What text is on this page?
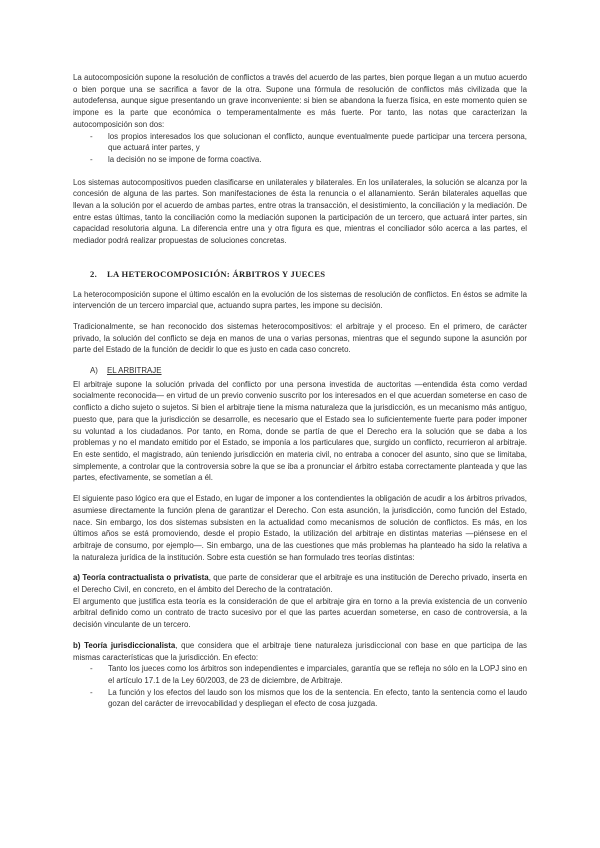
La autocomposición supone la resolución de conflictos a través del acuerdo de las partes, bien porque llegan a un mutuo acuerdo o bien porque una se sacrifica a favor de la otra. Supone una fórmula de resolución de conflictos más civilizada que la autodefensa, aunque sigue presentando un grave inconveniente: si bien se abandona la fuerza física, en este momento quien se impone es la parte que económica o temperamentalmente es más fuerte. Por tanto, las notas que caracterizan la autocomposición son dos:

- los propios interesados los que solucionan el conflicto, aunque eventualmente puede participar una tercera persona, que actuará inter partes, y
- la decisión no se impone de forma coactiva.

Los sistemas autocompositivos pueden clasificarse en unilaterales y bilaterales. En los unilaterales, la solución se alcanza por la concesión de alguna de las partes. Son manifestaciones de ésta la renuncia o el allanamiento. Serán bilaterales aquellas que llevan a la solución por el acuerdo de ambas partes, entre otras la transacción, el desistimiento, la conciliación y la mediación. De entre estas últimas, tanto la conciliación como la mediación suponen la participación de un tercero, que actuará inter partes, sin capacidad resolutoria alguna. La diferencia entre una y otra figura es que, mientras el conciliador sólo acerca a las partes, el mediador podrá realizar propuestas de soluciones concretas.

2. LA HETEROCOMPOSICIÓN: ÁRBITROS Y JUECES

La heterocomposición supone el último escalón en la evolución de los sistemas de resolución de conflictos. En éstos se admite la intervención de un tercero imparcial que, actuando supra partes, les impone su decisión.

Tradicionalmente, se han reconocido dos sistemas heterocompositivos: el arbitraje y el proceso. En el primero, de carácter privado, la solución del conflicto se deja en manos de una o varias personas, mientras que el segundo supone la asunción por parte del Estado de la función de decidir lo que es justo en cada caso concreto.

A) EL ARBITRAJE

El arbitraje supone la solución privada del conflicto por una persona investida de auctoritas —entendida ésta como verdad socialmente reconocida— en virtud de un previo convenio suscrito por los interesados en el que acuerdan someterse en caso de conflicto a dicho sujeto o sujetos. Si bien el arbitraje tiene la misma naturaleza que la jurisdicción, es un mecanismo más antiguo, puesto que, para que la jurisdicción se desarrolle, es necesario que el Estado sea lo suficientemente fuerte para poder imponer su voluntad a los ciudadanos. Por tanto, en Roma, donde se partía de que el Derecho era la solución que se daba a los problemas y no el mandato emitido por el Estado, se imponía a los particulares que, surgido un conflicto, recurrieron al arbitraje. En este sentido, el magistrado, aún teniendo jurisdicción en materia civil, no entraba a conocer del asunto, sino que se limitaba, simplemente, a controlar que la controversia sobre la que se iba a pronunciar el árbitro estaba correctamente planteada y que las partes, efectivamente, se sometían a él.

El siguiente paso lógico era que el Estado, en lugar de imponer a los contendientes la obligación de acudir a los árbitros privados, asumiese directamente la función plena de garantizar el Derecho. Con esta asunción, la jurisdicción, como función del Estado, nace. Sin embargo, los dos sistemas subsisten en la actualidad como mecanismos de solución de conflictos. Es más, en los últimos años se está promoviendo, desde el propio Estado, la utilización del arbitraje en distintas materias —piénsese en el arbitraje de consumo, por ejemplo—. Sin embargo, una de las cuestiones que más problemas ha planteado ha sido la relativa a la naturaleza jurídica de la institución. Sobre esta cuestión se han formulado tres teorías distintas:

a) Teoría contractualista o privatista, que parte de considerar que el arbitraje es una institución de Derecho privado, inserta en el Derecho Civil, en concreto, en el ámbito del Derecho de la contratación.

El argumento que justifica esta teoría es la consideración de que el arbitraje gira en torno a la previa existencia de un convenio arbitral definido como un contrato de tracto sucesivo por el que las partes acuerdan someterse, en caso de controversia, a la decisión vinculante de un tercero.

b) Teoría jurisdiccionalista, que considera que el arbitraje tiene naturaleza jurisdiccional con base en que participa de las mismas características que la jurisdicción. En efecto:

- Tanto los jueces como los árbitros son independientes e imparciales, garantía que se refleja no sólo en la LOPJ sino en el artículo 17.1 de la Ley 60/2003, de 23 de diciembre, de Arbitraje.
- La función y los efectos del laudo son los mismos que los de la sentencia. En efecto, tanto la sentencia como el laudo gozan del carácter de irrevocabilidad y despliegan el efecto de cosa juzgada.
